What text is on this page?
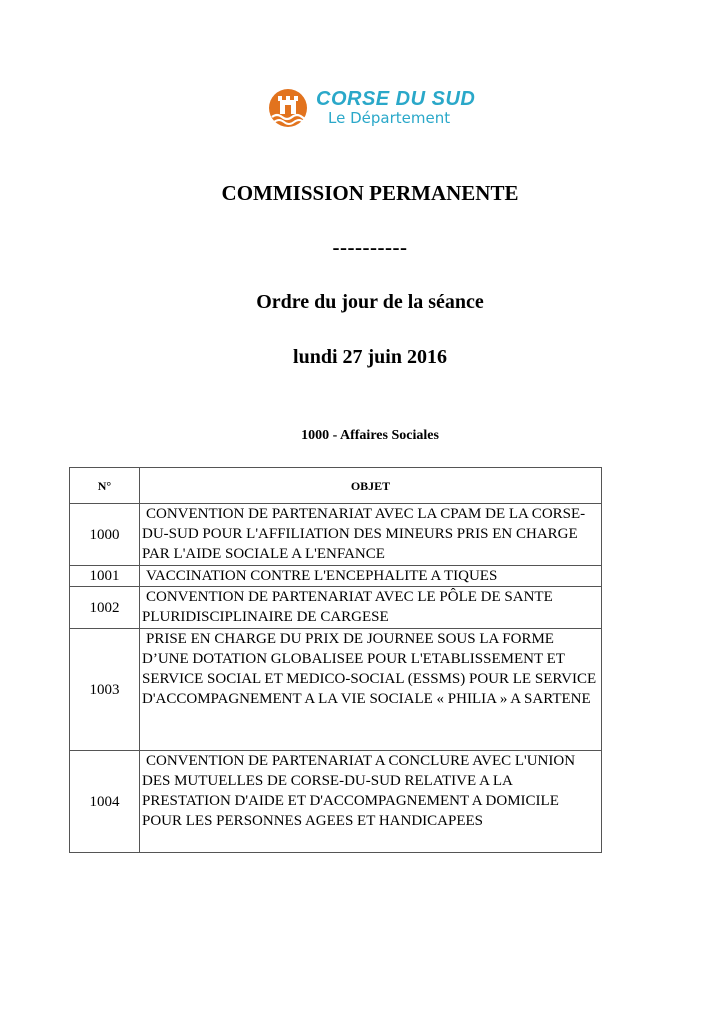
CORSE DU SUD
Le Département
COMMISSION PERMANENTE
----------
Ordre du jour de la séance
lundi 27 juin 2016
1000 - Affaires Sociales
N°	OBJET
1000	CONVENTION DE PARTENARIAT AVEC LA CPAM DE LA CORSE-DU-SUD POUR L'AFFILIATION DES MINEURS PRIS EN CHARGE PAR L'AIDE SOCIALE A L'ENFANCE

1001	VACCINATION CONTRE L'ENCEPHALITE A TIQUES

1002	CONVENTION DE PARTENARIAT AVEC LE PÔLE DE SANTE PLURIDISCIPLINAIRE DE CARGESE

1003	PRISE EN CHARGE DU PRIX DE JOURNEE SOUS LA FORME D’UNE DOTATION GLOBALISEE POUR L'ETABLISSEMENT ET SERVICE SOCIAL ET MEDICO-SOCIAL (ESSMS) POUR LE SERVICE D'ACCOMPAGNEMENT A LA VIE SOCIALE « PHILIA » A SARTENE

1004	CONVENTION DE PARTENARIAT A CONCLURE AVEC L'UNION DES MUTUELLES DE CORSE-DU-SUD RELATIVE A LA PRESTATION D'AIDE ET D'ACCOMPAGNEMENT A DOMICILE POUR LES PERSONNES AGEES ET HANDICAPEES
